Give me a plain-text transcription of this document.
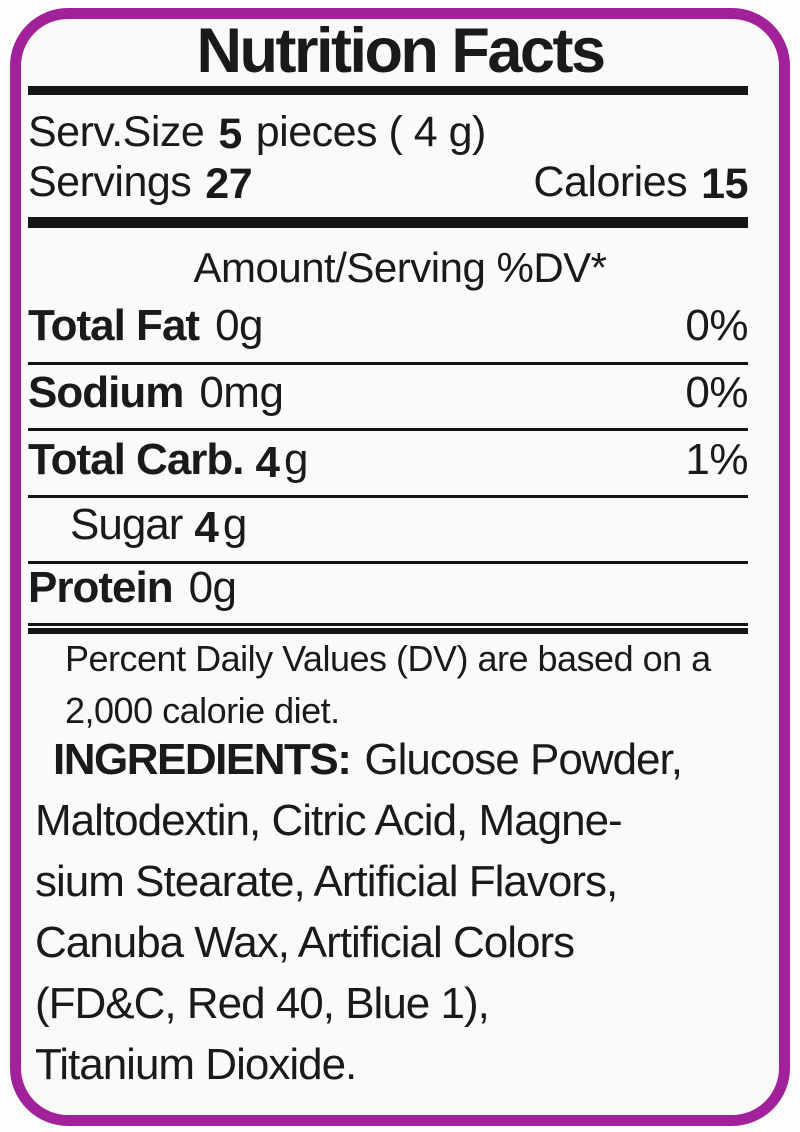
Nutrition Facts
Serv.Size 5 pieces ( 4 g)
Servings 27	Calories 15
Amount/Serving %DV*
Total Fat 0g	0%
Sodium 0mg	0%
Total Carb. 4g	1%
Sugar 4g
Protein 0g
Percent Daily Values (DV) are based on a
2,000 calorie diet.
INGREDIENTS: Glucose Powder,
Maltodextin, Citric Acid, Magne-
sium Stearate, Artificial Flavors,
Canuba Wax, Artificial Colors
(FD&C, Red 40, Blue 1),
Titanium Dioxide.
